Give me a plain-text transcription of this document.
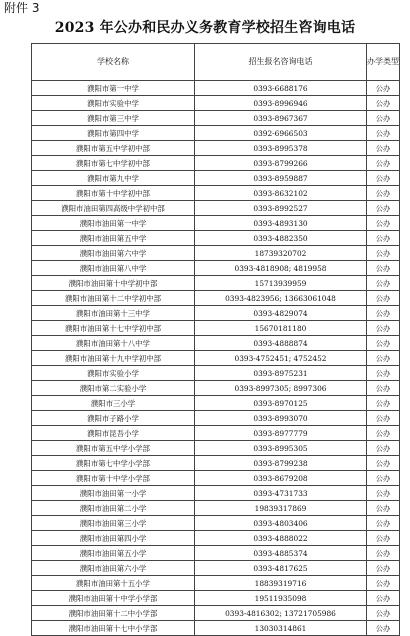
附件 3
2023 年公办和民办义务教育学校招生咨询电话
学校名称	招生报名咨询电话	办学类型
濮阳市第一中学	0393-6688176	公办
濮阳市实验中学	0393-8996946	公办
濮阳市第三中学	0393-8967367	公办
濮阳市第四中学	0392-6966503	公办
濮阳市第五中学初中部	0393-8995378	公办
濮阳市第七中学初中部	0393-8799266	公办
濮阳市第九中学	0393-8959887	公办
濮阳市第十中学初中部	0393-8632102	公办
濮阳市油田第四高级中学初中部	0393-8992527	公办
濮阳市油田第一中学	0393-4893130	公办
濮阳市油田第五中学	0393-4882350	公办
濮阳市油田第六中学	18739320702	公办
濮阳市油田第八中学	0393-4818908; 4819958	公办
濮阳市油田第十中学初中部	15713939959	公办
濮阳市油田第十二中学初中部	0393-4823956; 13663061048	公办
濮阳市油田第十三中学	0393-4829074	公办
濮阳市油田第十七中学初中部	15670181180	公办
濮阳市油田第十八中学	0393-4888874	公办
濮阳市油田第十九中学初中部	0393-4752451; 4752452	公办
濮阳市实验小学	0393-8975231	公办
濮阳市第二实验小学	0393-8997305; 8997306	公办
濮阳市三小学	0393-8970125	公办
濮阳市子路小学	0393-8993070	公办
濮阳市昆吾小学	0393-8977779	公办
濮阳市第五中学小学部	0393-8995305	公办
濮阳市第七中学小学部	0393-8799238	公办
濮阳市第十中学小学部	0393-8679208	公办
濮阳市油田第一小学	0393-4731733	公办
濮阳市油田第二小学	19839317869	公办
濮阳市油田第三小学	0393-4803406	公办
濮阳市油田第四小学	0393-4888022	公办
濮阳市油田第五小学	0393-4885374	公办
濮阳市油田第六小学	0393-4817625	公办
濮阳市油田第十五小学	18839319716	公办
濮阳市油田第十中学小学部	19511935098	公办
濮阳市油田第十二中小学部	0393-4816302; 13721705986	公办
濮阳市油田第十七中小学部	13030314861	公办
